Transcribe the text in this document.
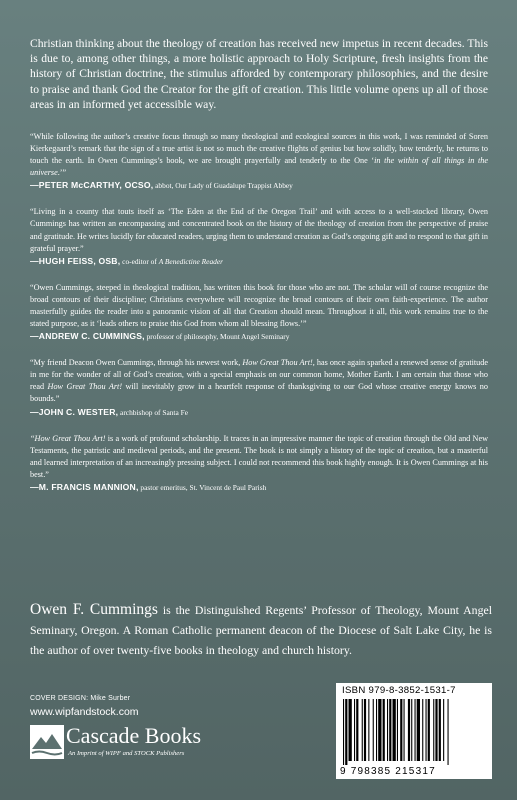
Christian thinking about the theology of creation has received new impetus in recent decades. This is due to, among other things, a more holistic approach to Holy Scripture, fresh insights from the history of Christian doctrine, the stimulus afforded by contemporary philosophies, and the desire to praise and thank God the Creator for the gift of creation. This little volume opens up all of those areas in an informed yet accessible way.

“While following the author’s creative focus through so many theological and ecological sources in this work, I was reminded of Soren Kierkegaard’s remark that the sign of a true artist is not so much the creative flights of genius but how solidly, how tenderly, he returns to touch the earth. In Owen Cummings’s book, we are brought prayerfully and tenderly to the One ‘in the within of all things in the universe.’”

—PETER McCARTHY, OCSO, abbot, Our Lady of Guadalupe Trappist Abbey

“Living in a county that touts itself as ‘The Eden at the End of the Oregon Trail’ and with access to a well-stocked library, Owen Cummings has written an encompassing and concentrated book on the history of the theology of creation from the perspective of praise and gratitude. He writes lucidly for educated readers, urging them to understand creation as God’s ongoing gift and to respond to that gift in grateful prayer.”

—HUGH FEISS, OSB, co-editor of A Benedictine Reader

“Owen Cummings, steeped in theological tradition, has written this book for those who are not. The scholar will of course recognize the broad contours of their discipline; Christians everywhere will recognize the broad contours of their own faith-experience. The author masterfully guides the reader into a panoramic vision of all that Creation should mean. Throughout it all, this work remains true to the stated purpose, as it ‘leads others to praise this God from whom all blessing flows.’”

—ANDREW C. CUMMINGS, professor of philosophy, Mount Angel Seminary

“My friend Deacon Owen Cummings, through his newest work, How Great Thou Art!, has once again sparked a renewed sense of gratitude in me for the wonder of all of God’s creation, with a special emphasis on our common home, Mother Earth. I am certain that those who read How Great Thou Art! will inevitably grow in a heartfelt response of thanksgiving to our God whose creative energy knows no bounds.”

—JOHN C. WESTER, archbishop of Santa Fe

“How Great Thou Art! is a work of profound scholarship. It traces in an impressive manner the topic of creation through the Old and New Testaments, the patristic and medieval periods, and the present. The book is not simply a history of the topic of creation, but a masterful and learned interpretation of an increasingly pressing subject. I could not recommend this book highly enough. It is Owen Cummings at his best.”

—M. FRANCIS MANNION, pastor emeritus, St. Vincent de Paul Parish

Owen F. Cummings is the Distinguished Regents’ Professor of Theology, Mount Angel Seminary, Oregon. A Roman Catholic permanent deacon of the Diocese of Salt Lake City, he is the author of over twenty-five books in theology and church history.

COVER DESIGN: Mike Surber
www.wipfandstock.com
Cascade Books
An Imprint of WIPF and STOCK Publishers
ISBN 979-8-3852-1531-7
9 798385 215317
